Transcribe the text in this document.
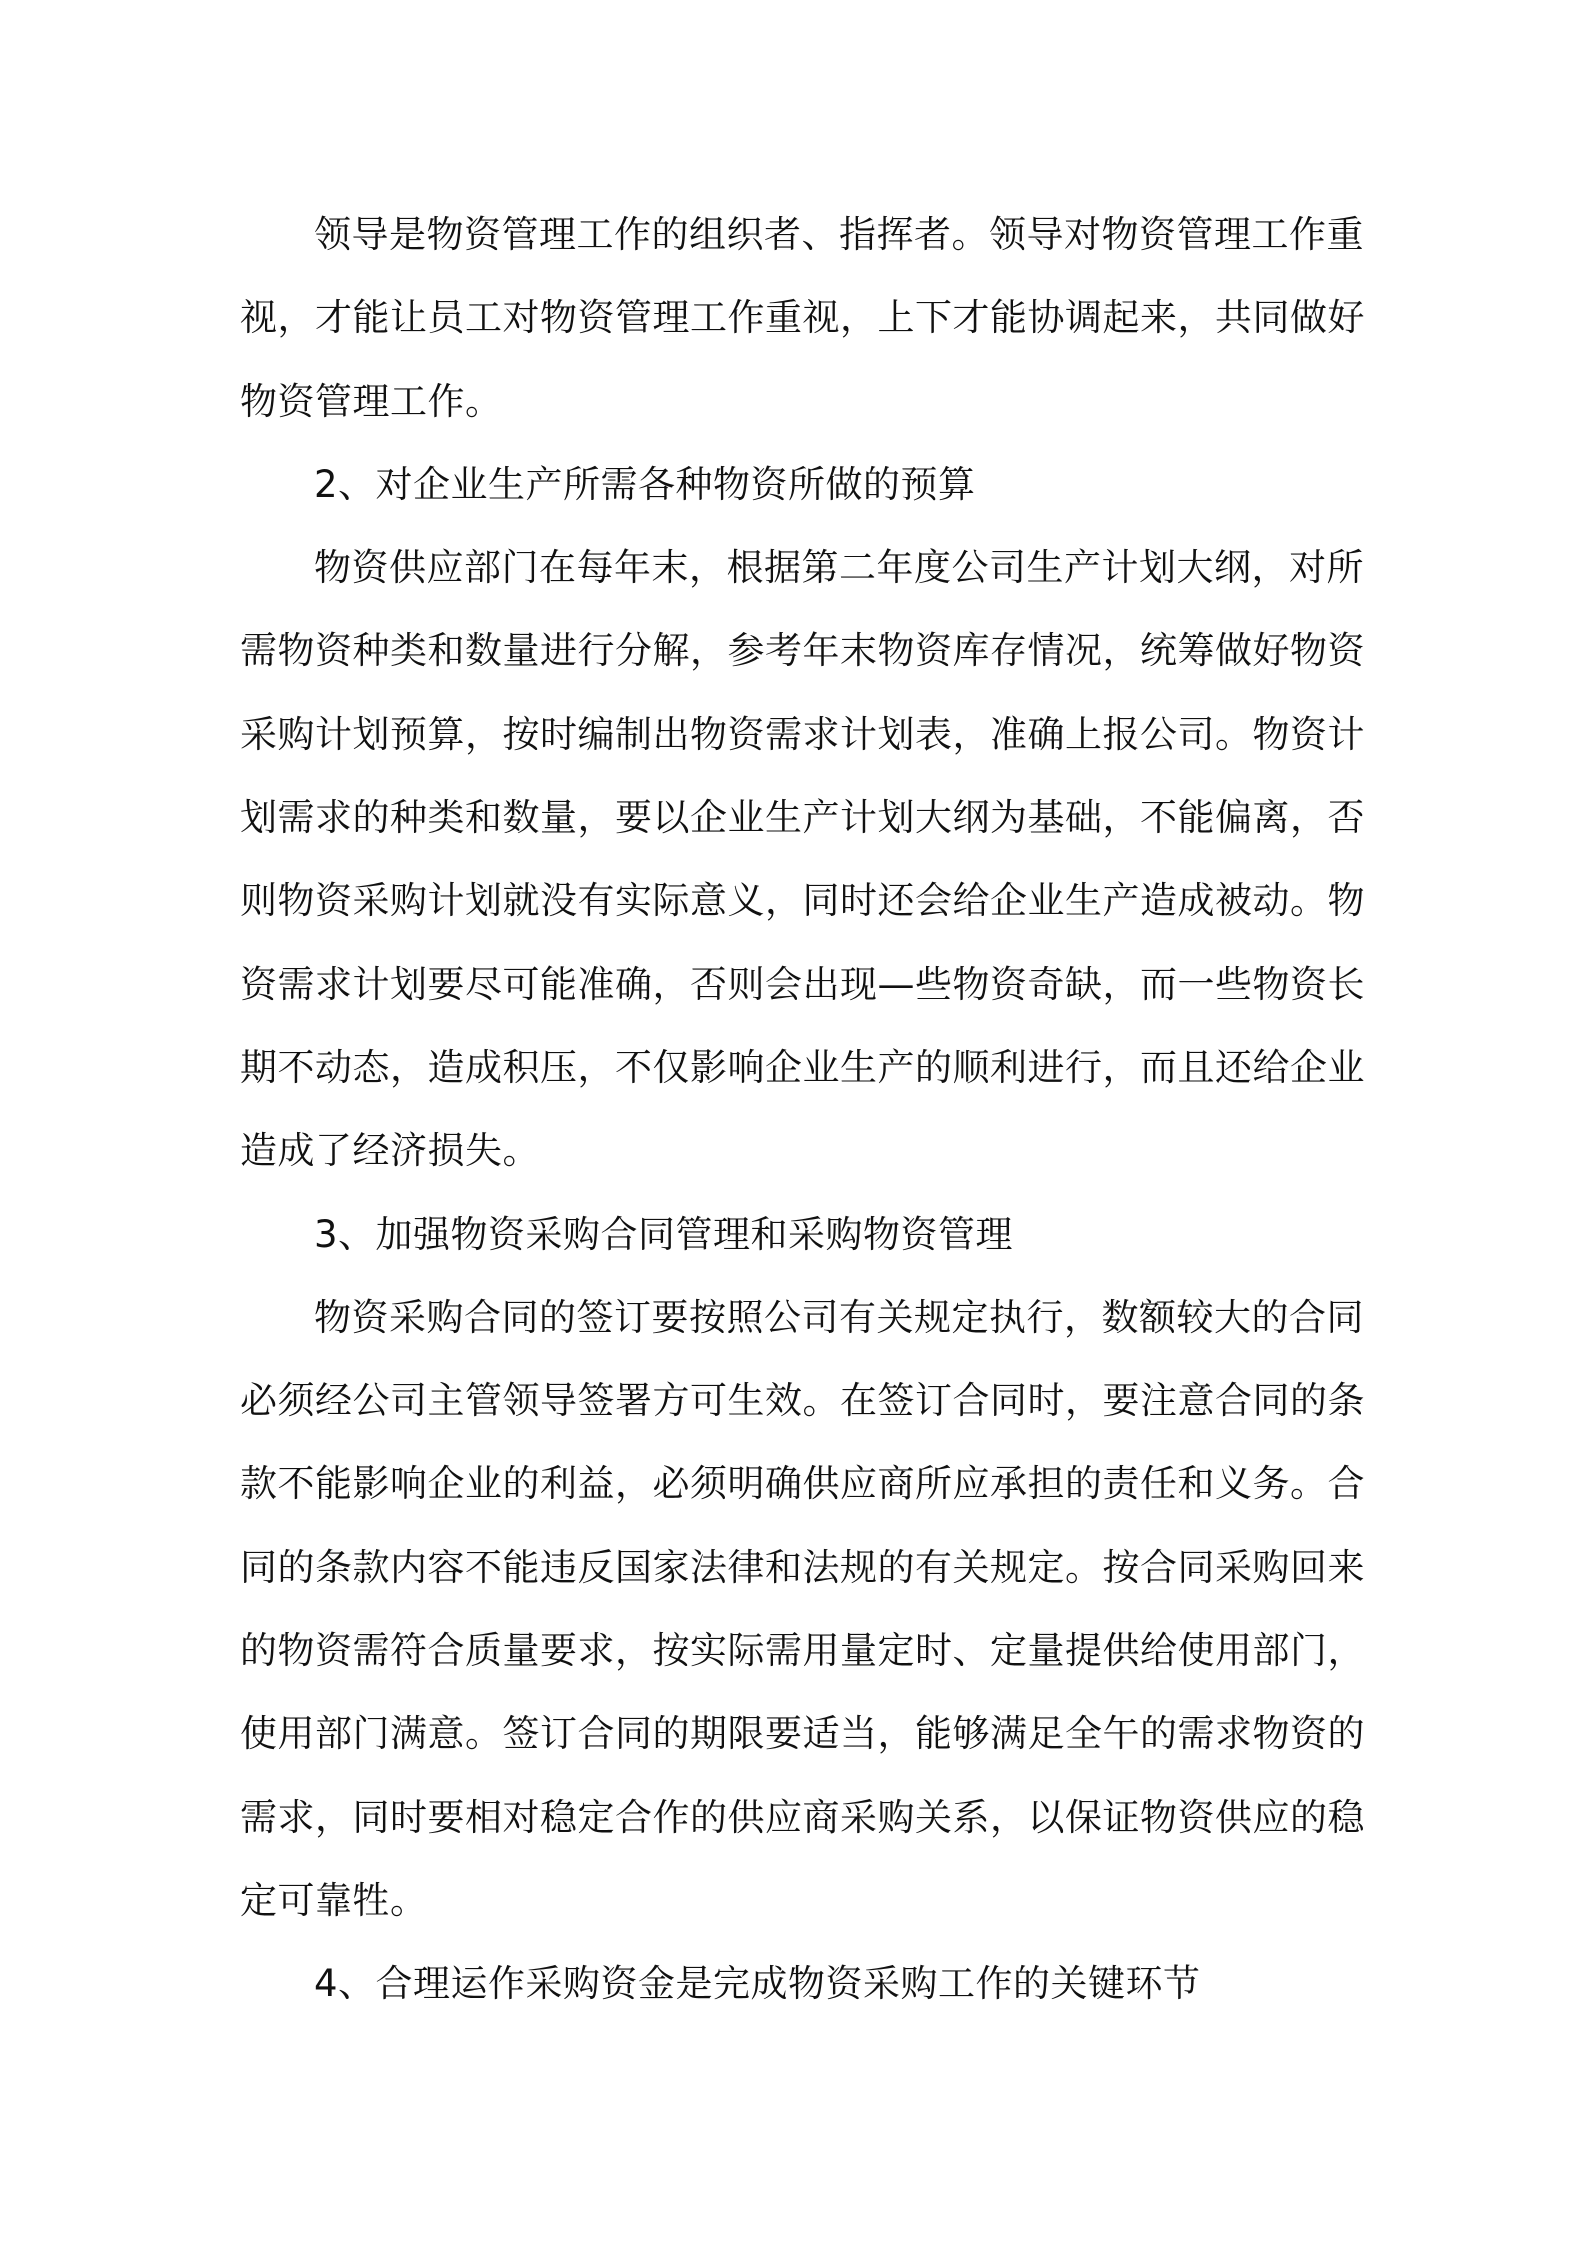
领导是物资管理工作的组织者、指挥者。领导对物资管理工作重
视，才能让员工对物资管理工作重视，上下才能协调起来，共同做好
物资管理工作。
2、对企业生产所需各种物资所做的预算
物资供应部门在每年末，根据第二年度公司生产计划大纲，对所
需物资种类和数量进行分解，参考年末物资库存情况，统筹做好物资
采购计划预算，按时编制出物资需求计划表，准确上报公司。物资计
划需求的种类和数量，要以企业生产计划大纲为基础，不能偏离，否
则物资采购计划就没有实际意义，同时还会给企业生产造成被动。物
资需求计划要尽可能准确，否则会出现—些物资奇缺，而一些物资长
期不动态，造成积压，不仅影响企业生产的顺利进行，而且还给企业
造成了经济损失。
3、加强物资采购合同管理和采购物资管理
物资采购合同的签订要按照公司有关规定执行，数额较大的合同
必须经公司主管领导签署方可生效。在签订合同时，要注意合同的条
款不能影响企业的利益，必须明确供应商所应承担的责任和义务。合
同的条款内容不能违反国家法律和法规的有关规定。按合同采购回来
的物资需符合质量要求，按实际需用量定时、定量提供给使用部门，
使用部门满意。签订合同的期限要适当，能够满足全午的需求物资的
需求，同时要相对稳定合作的供应商采购关系，以保证物资供应的稳
定可靠牲。
4、合理运作采购资金是完成物资采购工作的关键环节
